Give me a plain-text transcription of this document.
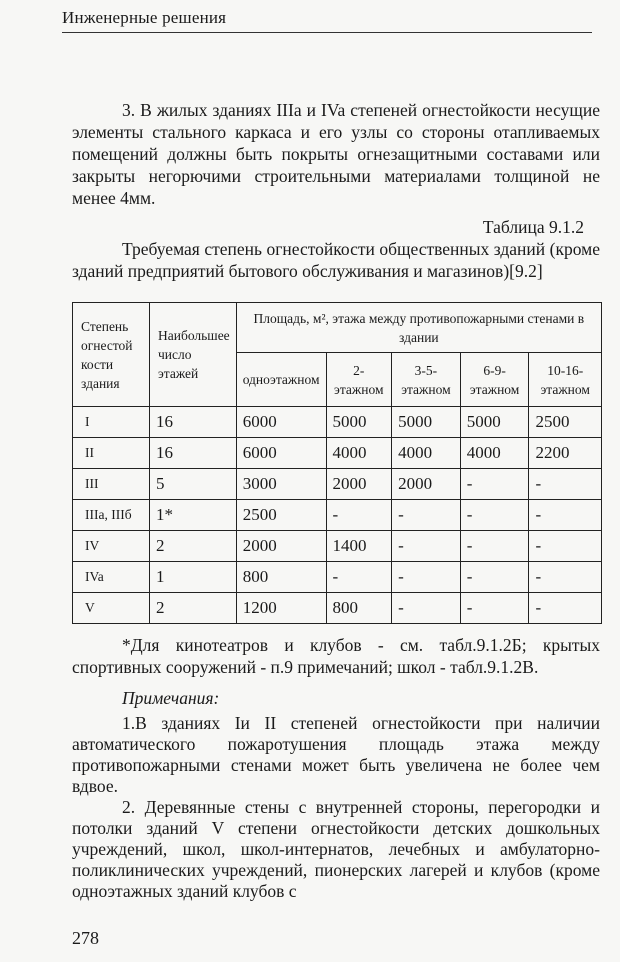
Инженерные решения
3. В жилых зданиях IIIa и IVa степеней огнестойкости несущие элементы стального каркаса и его узлы со стороны отапливаемых помещений должны быть покрыты огнезащитными составами или закрыты негорючими строительными материалами толщиной не менее 4мм.
Таблица 9.1.2
Требуемая степень огнестойкости общественных зданий (кроме зданий предприятий бытового обслуживания и магазинов)[9.2]
Степень огнестой кости здания	Наибольшее число этажей	Площадь, м², этажа между противопожарными стенами в здании				
		одноэтажном	2-этажном	3-5-этажном	6-9-этажном	10-16-этажном
I	16	6000	5000	5000	5000	2500
II	16	6000	4000	4000	4000	2200
III	5	3000	2000	2000	-	-
IIIa, IIIб	1*	2500	-	-	-	-
IV	2	2000	1400	-	-	-
IVa	1	800	-	-	-	-
V	2	1200	800	-	-	-
*Для кинотеатров и клубов - см. табл.9.1.2Б; крытых спортивных сооружений - п.9 примечаний; школ - табл.9.1.2В.
Примечания:
1.В зданиях Iи II степеней огнестойкости при наличии автоматического пожаротушения площадь этажа между противопожарными стенами может быть увеличена не более чем вдвое.
2. Деревянные стены с внутренней стороны, перегородки и потолки зданий V степени огнестойкости детских дошкольных учреждений, школ, школ-интернатов, лечебных и амбулаторно-поликлинических учреждений, пионерских лагерей и клубов (кроме одноэтажных зданий клубов с
278
